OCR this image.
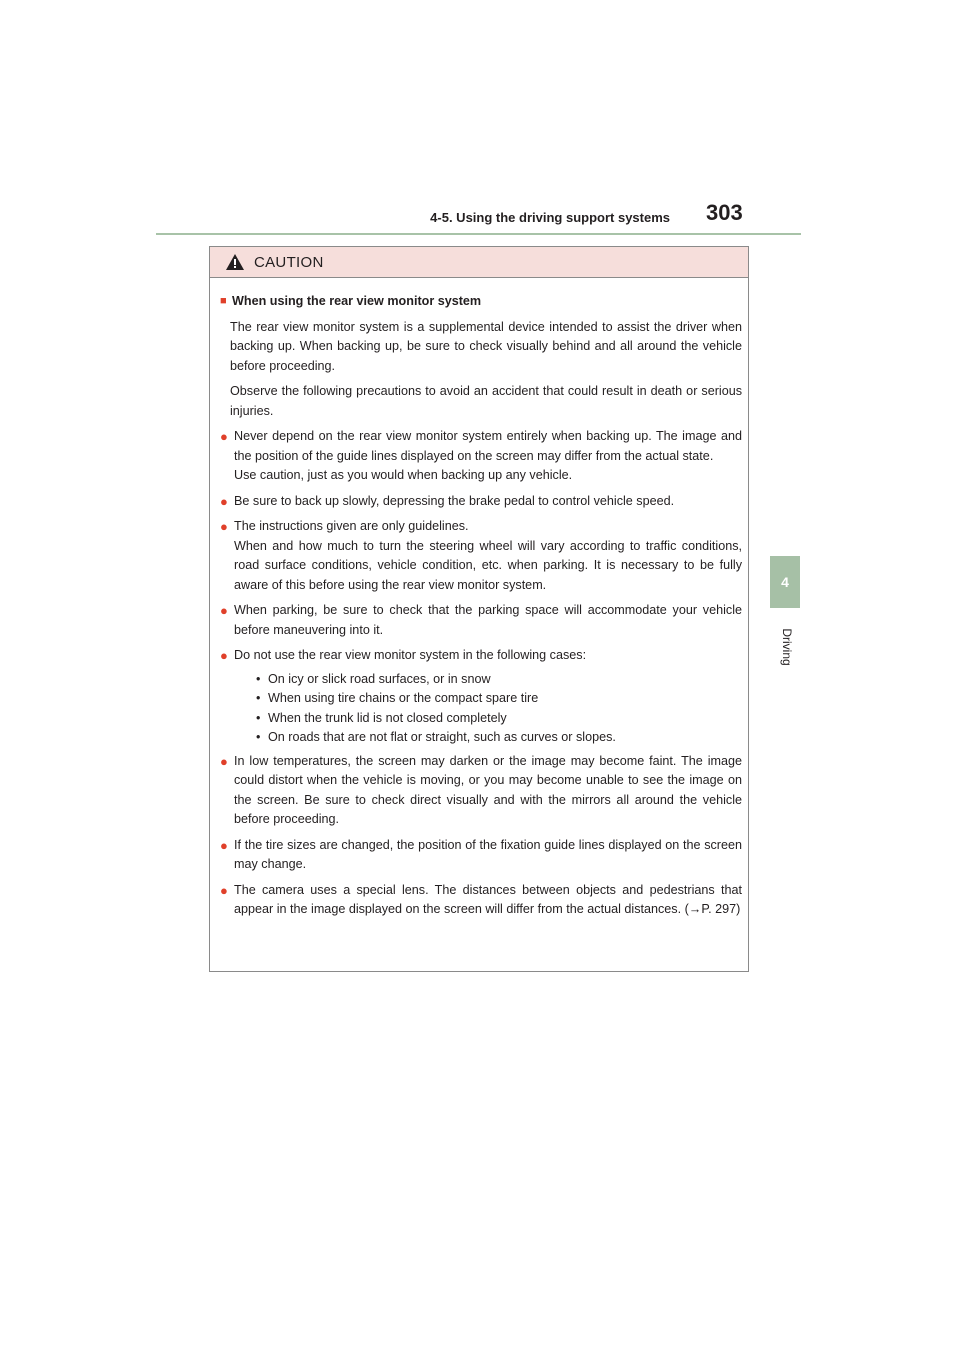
4-5. Using the driving support systems 303
4
Driving
CAUTION
■ When using the rear view monitor system
The rear view monitor system is a supplemental device intended to assist the driver when backing up. When backing up, be sure to check visually behind and all around the vehicle before proceeding.
Observe the following precautions to avoid an accident that could result in death or serious injuries.
● Never depend on the rear view monitor system entirely when backing up. The image and the position of the guide lines displayed on the screen may differ from the actual state.
Use caution, just as you would when backing up any vehicle.
● Be sure to back up slowly, depressing the brake pedal to control vehicle speed.
● The instructions given are only guidelines.
When and how much to turn the steering wheel will vary according to traffic conditions, road surface conditions, vehicle condition, etc. when parking. It is necessary to be fully aware of this before using the rear view monitor system.
● When parking, be sure to check that the parking space will accommodate your vehicle before maneuvering into it.
● Do not use the rear view monitor system in the following cases:
• On icy or slick road surfaces, or in snow
• When using tire chains or the compact spare tire
• When the trunk lid is not closed completely
• On roads that are not flat or straight, such as curves or slopes.
● In low temperatures, the screen may darken or the image may become faint. The image could distort when the vehicle is moving, or you may become unable to see the image on the screen. Be sure to check direct visually and with the mirrors all around the vehicle before proceeding.
● If the tire sizes are changed, the position of the fixation guide lines displayed on the screen may change.
● The camera uses a special lens. The distances between objects and pedestrians that appear in the image displayed on the screen will differ from the actual distances. (→P. 297)
